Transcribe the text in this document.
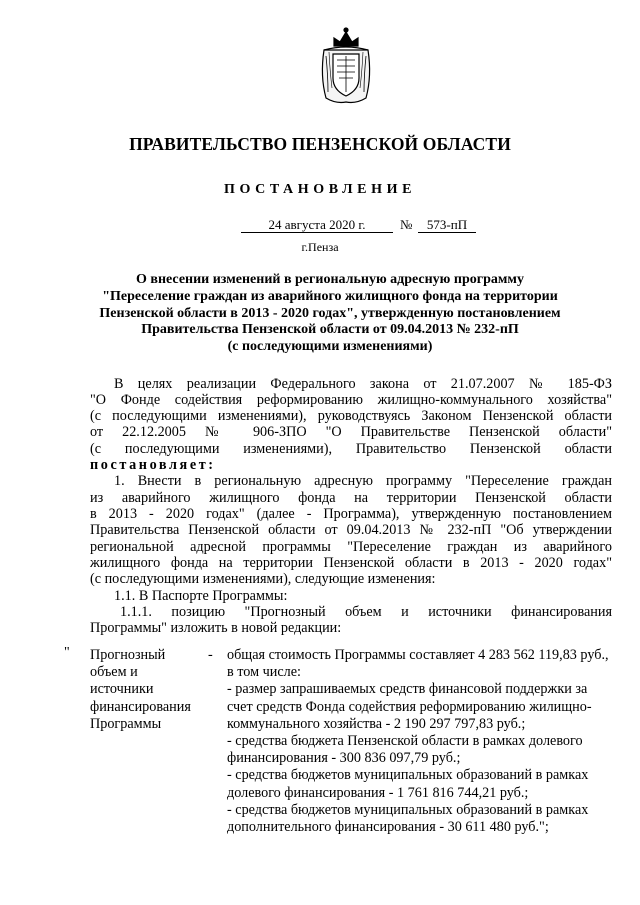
ПРАВИТЕЛЬСТВО ПЕНЗЕНСКОЙ ОБЛАСТИ
ПОСТАНОВЛЕНИЕ
24 августа 2020 г.	№	573-пП
г.Пенза
О внесении изменений в региональную адресную программу
"Переселение граждан из аварийного жилищного фонда на территории
Пензенской области в 2013 - 2020 годах", утвержденную постановлением
Правительства Пензенской области от 09.04.2013 № 232-пП
(с последующими изменениями)
В целях реализации Федерального закона от 21.07.2007 № 185-ФЗ
"О Фонде содействия реформированию жилищно-коммунального хозяйства"
(с последующими изменениями), руководствуясь Законом Пензенской области
от 22.12.2005 № 906-ЗПО "О Правительстве Пензенской области"
(с последующими изменениями), Правительство Пензенской области
постановляет:
1. Внести в региональную адресную программу "Переселение граждан
из аварийного жилищного фонда на территории Пензенской области
в 2013 - 2020 годах" (далее - Программа), утвержденную постановлением
Правительства Пензенской области от 09.04.2013 № 232-пП "Об утверждении
региональной адресной программы "Переселение граждан из аварийного
жилищного фонда на территории Пензенской области в 2013 - 2020 годах"
(с последующими изменениями), следующие изменения:
1.1. В Паспорте Программы:
1.1.1. позицию "Прогнозный объем и источники финансирования
Программы" изложить в новой редакции:
" Прогнозный
объем и
источники
финансирования
Программы
- общая стоимость Программы составляет 4 283 562 119,83 руб.,
в том числе:
- размер запрашиваемых средств финансовой поддержки за
счет средств Фонда содействия реформированию жилищно-
коммунального хозяйства - 2 190 297 797,83 руб.;
- средства бюджета Пензенской области в рамках долевого
финансирования - 300 836 097,79 руб.;
- средства бюджетов муниципальных образований в рамках
долевого финансирования - 1 761 816 744,21 руб.;
- средства бюджетов муниципальных образований в рамках
дополнительного финансирования - 30 611 480 руб.";
